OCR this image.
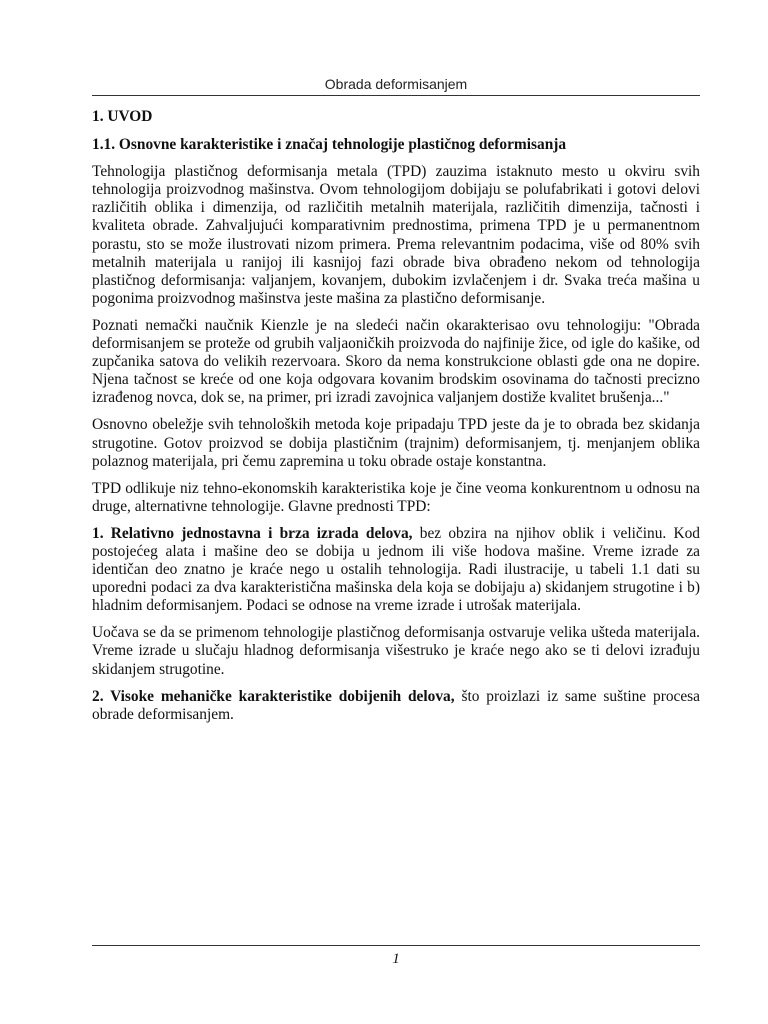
Obrada deformisanjem
1. UVOD
1.1. Osnovne karakteristike i značaj tehnologije plastičnog deformisanja

Tehnologija plastičnog deformisanja metala (TPD) zauzima istaknuto mesto u okviru svih tehnologija proizvodnog mašinstva. Ovom tehnologijom dobijaju se polufabrikati i gotovi delovi različitih oblika i dimenzija, od različitih metalnih materijala, različitih dimenzija, tačnosti i kvaliteta obrade. Zahvaljujući komparativnim prednostima, primena TPD je u permanentnom porastu, sto se može ilustrovati nizom primera. Prema relevantnim podacima, više od 80% svih metalnih materijala u ranijoj ili kasnijoj fazi obrade biva obrađeno nekom od tehnologija plastičnog deformisanja: valjanjem, kovanjem, dubokim izvlačenjem i dr. Svaka treća mašina u pogonima proizvodnog mašinstva jeste mašina za plastično deformisanje.

Poznati nemački naučnik Kienzle je na sledeći način okarakterisao ovu tehnologiju: "Obrada deformisanjem se proteže od grubih valjaoničkih proizvoda do najfinije žice, od igle do kašike, od zupčanika satova do velikih rezervoara. Skoro da nema konstrukcione oblasti gde ona ne dopire. Njena tačnost se kreće od one koja odgovara kovanim brodskim osovinama do tačnosti precizno izrađenog novca, dok se, na primer, pri izradi zavojnica valjanjem dostiže kvalitet brušenja..."

Osnovno obeležje svih tehnoloških metoda koje pripadaju TPD jeste da je to obrada bez skidanja strugotine. Gotov proizvod se dobija plastičnim (trajnim) deformisanjem, tj. menjanjem oblika polaznog materijala, pri čemu zapremina u toku obrade ostaje konstantna.

TPD odlikuje niz tehno-ekonomskih karakteristika koje je čine veoma konkurentnom u odnosu na druge, alternativne tehnologije. Glavne prednosti TPD:

1. Relativno jednostavna i brza izrada delova, bez obzira na njihov oblik i veličinu. Kod postojećeg alata i mašine deo se dobija u jednom ili više hodova mašine. Vreme izrade za identičan deo znatno je kraće nego u ostalih tehnologija. Radi ilustracije, u tabeli 1.1 dati su uporedni podaci za dva karakteristična mašinska dela koja se dobijaju a) skidanjem strugotine i b) hladnim deformisanjem. Podaci se odnose na vreme izrade i utrošak materijala.

Uočava se da se primenom tehnologije plastičnog deformisanja ostvaruje velika ušteda materijala. Vreme izrade u slučaju hladnog deformisanja višestruko je kraće nego ako se ti delovi izrađuju skidanjem strugotine.

2. Visoke mehaničke karakteristike dobijenih delova, što proizlazi iz same suštine procesa obrade deformisanjem.

1
